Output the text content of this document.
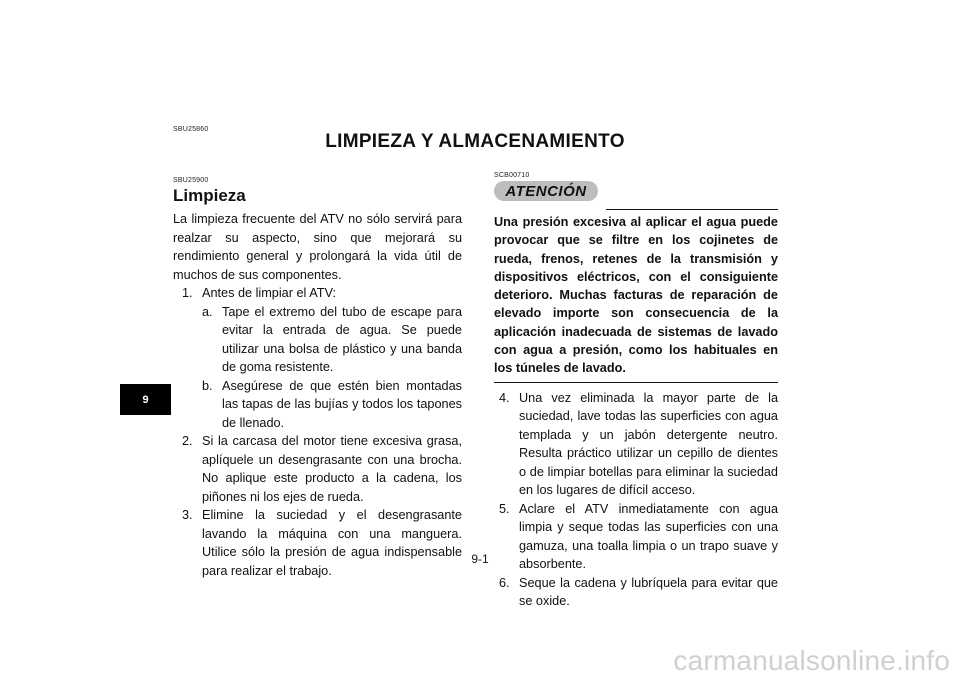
SBU25860
LIMPIEZA Y ALMACENAMIENTO
9
SBU25900
Limpieza

La limpieza frecuente del ATV no sólo servirá para realzar su aspecto, sino que mejorará su rendimiento general y prolongará la vida útil de muchos de sus componentes.

1. Antes de limpiar el ATV:
a. Tape el extremo del tubo de escape para evitar la entrada de agua. Se puede utilizar una bolsa de plástico y una banda de goma resistente.
b. Asegúrese de que estén bien montadas las tapas de las bujías y todos los tapones de llenado.
2. Si la carcasa del motor tiene excesiva grasa, aplíquele un desengrasante con una brocha. No aplique este producto a la cadena, los piñones ni los ejes de rueda.
3. Elimine la suciedad y el desengrasante lavando la máquina con una manguera. Utilice sólo la presión de agua indispensable para realizar el trabajo.
SCB00710
ATENCIÓN
Una presión excesiva al aplicar el agua puede provocar que se filtre en los cojinetes de rueda, frenos, retenes de la transmisión y dispositivos eléctricos, con el consiguiente deterioro. Muchas facturas de reparación de elevado importe son consecuencia de la aplicación inadecuada de sistemas de lavado con agua a presión, como los habituales en los túneles de lavado.
4. Una vez eliminada la mayor parte de la suciedad, lave todas las superficies con agua templada y un jabón detergente neutro. Resulta práctico utilizar un cepillo de dientes o de limpiar botellas para eliminar la suciedad en los lugares de difícil acceso.
5. Aclare el ATV inmediatamente con agua limpia y seque todas las superficies con una gamuza, una toalla limpia o un trapo suave y absorbente.
6. Seque la cadena y lubríquela para evitar que se oxide.
9-1
carmanualsonline.info
